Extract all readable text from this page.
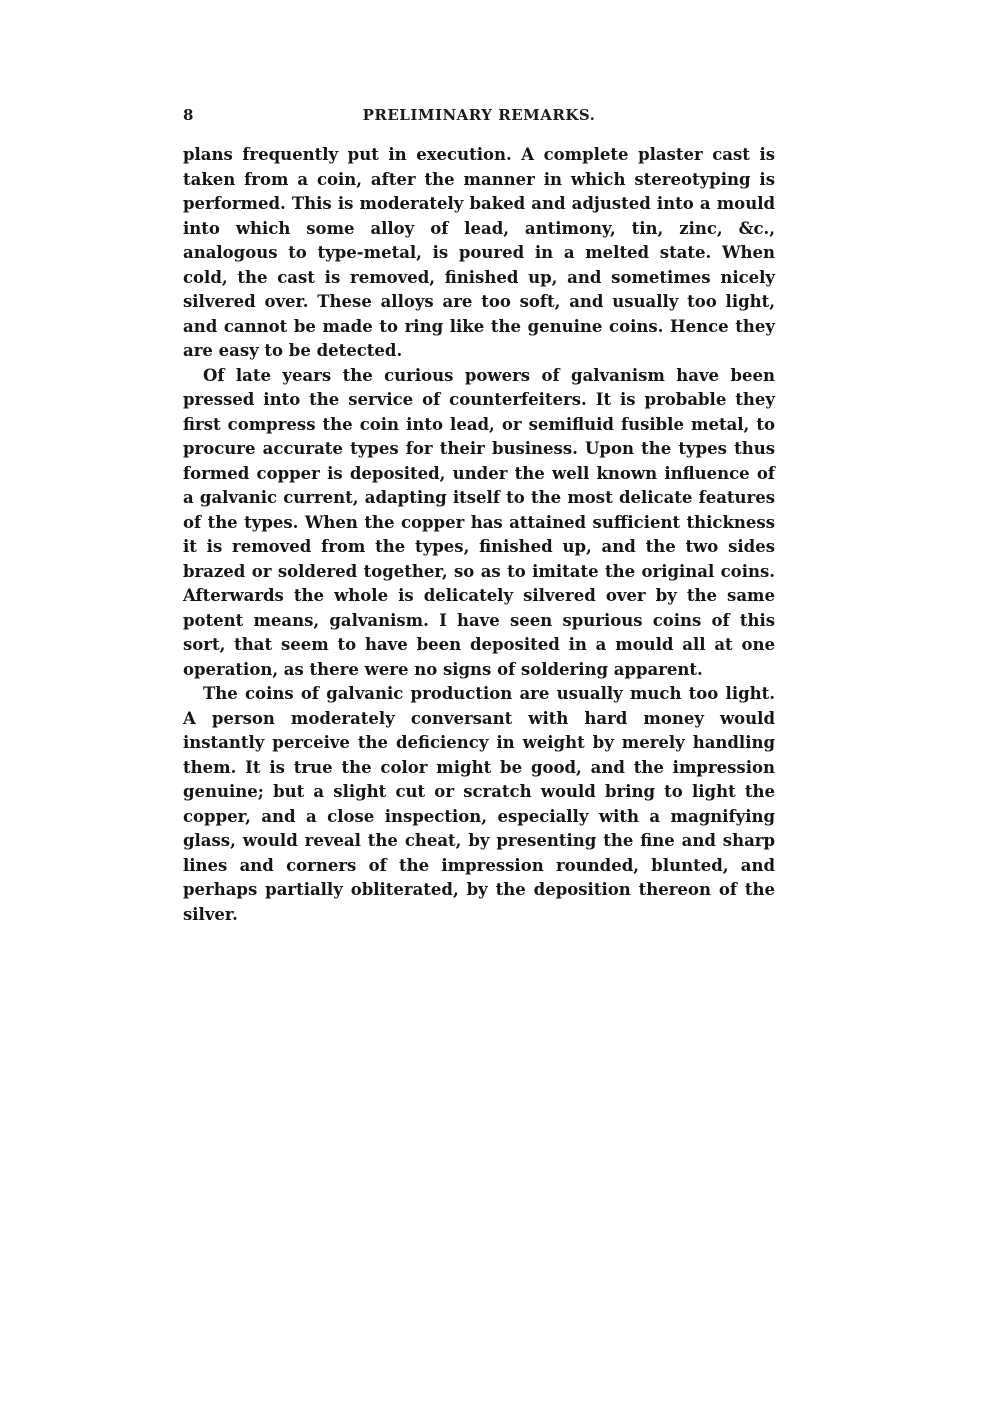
8	PRELIMINARY REMARKS.

plans frequently put in execution. A complete plaster cast is taken from a coin, after the manner in which stereotyping is performed. This is moderately baked and adjusted into a mould into which some alloy of lead, antimony, tin, zinc, &c., analogous to type-metal, is poured in a melted state. When cold, the cast is removed, finished up, and sometimes nicely silvered over. These alloys are too soft, and usually too light, and cannot be made to ring like the genuine coins. Hence they are easy to be detected.

Of late years the curious powers of galvanism have been pressed into the service of counterfeiters. It is probable they first compress the coin into lead, or semifluid fusible metal, to procure accurate types for their business. Upon the types thus formed copper is deposited, under the well known influence of a galvanic current, adapting itself to the most delicate features of the types. When the copper has attained sufficient thickness it is removed from the types, finished up, and the two sides brazed or soldered together, so as to imitate the original coins. Afterwards the whole is delicately silvered over by the same potent means, galvanism. I have seen spurious coins of this sort, that seem to have been deposited in a mould all at one operation, as there were no signs of soldering apparent.

The coins of galvanic production are usually much too light. A person moderately conversant with hard money would instantly perceive the deficiency in weight by merely handling them. It is true the color might be good, and the impression genuine; but a slight cut or scratch would bring to light the copper, and a close inspection, especially with a magnifying glass, would reveal the cheat, by presenting the fine and sharp lines and corners of the impression rounded, blunted, and perhaps partially obliterated, by the deposition thereon of the silver.
